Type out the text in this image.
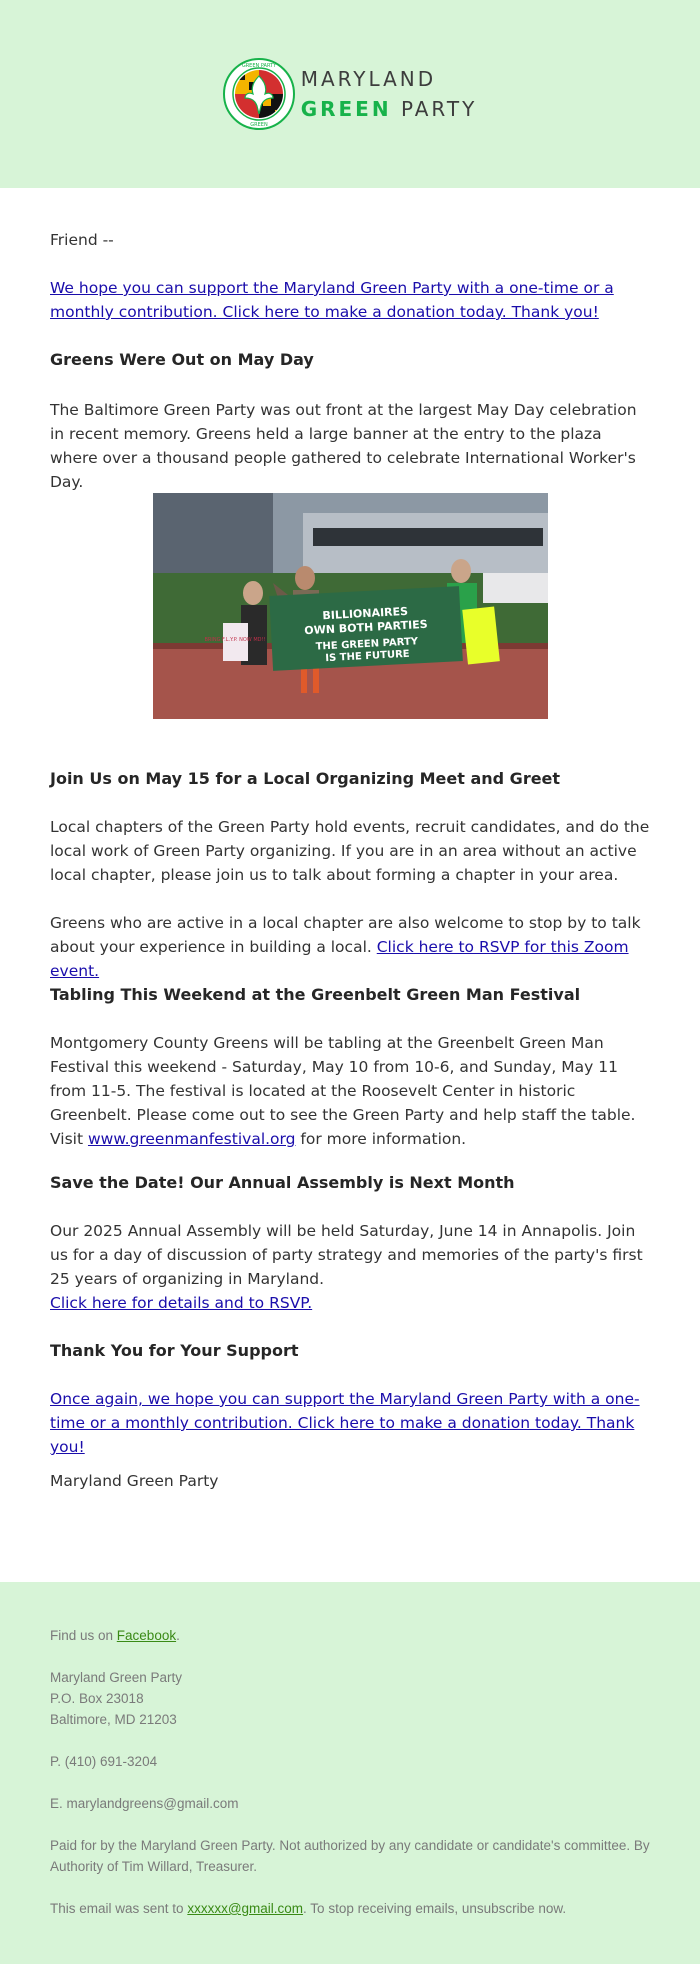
GREEN PARTY
GREEN
MARYLAND
GREEN PARTY

Friend --

We hope you can support the Maryland Green Party with a one-time or a monthly contribution. Click here to make a donation today. Thank you!

Greens Were Out on May Day

The Baltimore Green Party was out front at the largest May Day celebration in recent memory. Greens held a large banner at the entry to the plaza where over a thousand people gathered to celebrate International Worker's Day.

BILLIONAIRES
OWN BOTH PARTIES
THE GREEN PARTY
IS THE FUTURE
BRING F.L.Y.P. NOW MD!!
Join Us on May 15 for a Local Organizing Meet and Greet

Local chapters of the Green Party hold events, recruit candidates, and do the local work of Green Party organizing. If you are in an area without an active local chapter, please join us to talk about forming a chapter in your area.

Greens who are active in a local chapter are also welcome to stop by to talk about your experience in building a local. Click here to RSVP for this Zoom event.

Tabling This Weekend at the Greenbelt Green Man Festival

Montgomery County Greens will be tabling at the Greenbelt Green Man Festival this weekend - Saturday, May 10 from 10-6, and Sunday, May 11 from 11-5. The festival is located at the Roosevelt Center in historic Greenbelt. Please come out to see the Green Party and help staff the table. Visit www.greenmanfestival.org for more information.

Save the Date! Our Annual Assembly is Next Month

Our 2025 Annual Assembly will be held Saturday, June 14 in Annapolis. Join us for a day of discussion of party strategy and memories of the party's first 25 years of organizing in Maryland.

Click here for details and to RSVP.

Thank You for Your Support

Once again, we hope you can support the Maryland Green Party with a one-time or a monthly contribution. Click here to make a donation today. Thank you!

Maryland Green Party

Find us on Facebook.

Maryland Green Party

P.O. Box 23018

Baltimore, MD 21203

P. (410) 691-3204

E. marylandgreens@gmail.com

Paid for by the Maryland Green Party. Not authorized by any candidate or candidate's committee. By Authority of Tim Willard, Treasurer.

This email was sent to xxxxxx@gmail.com. To stop receiving emails, unsubscribe now.
